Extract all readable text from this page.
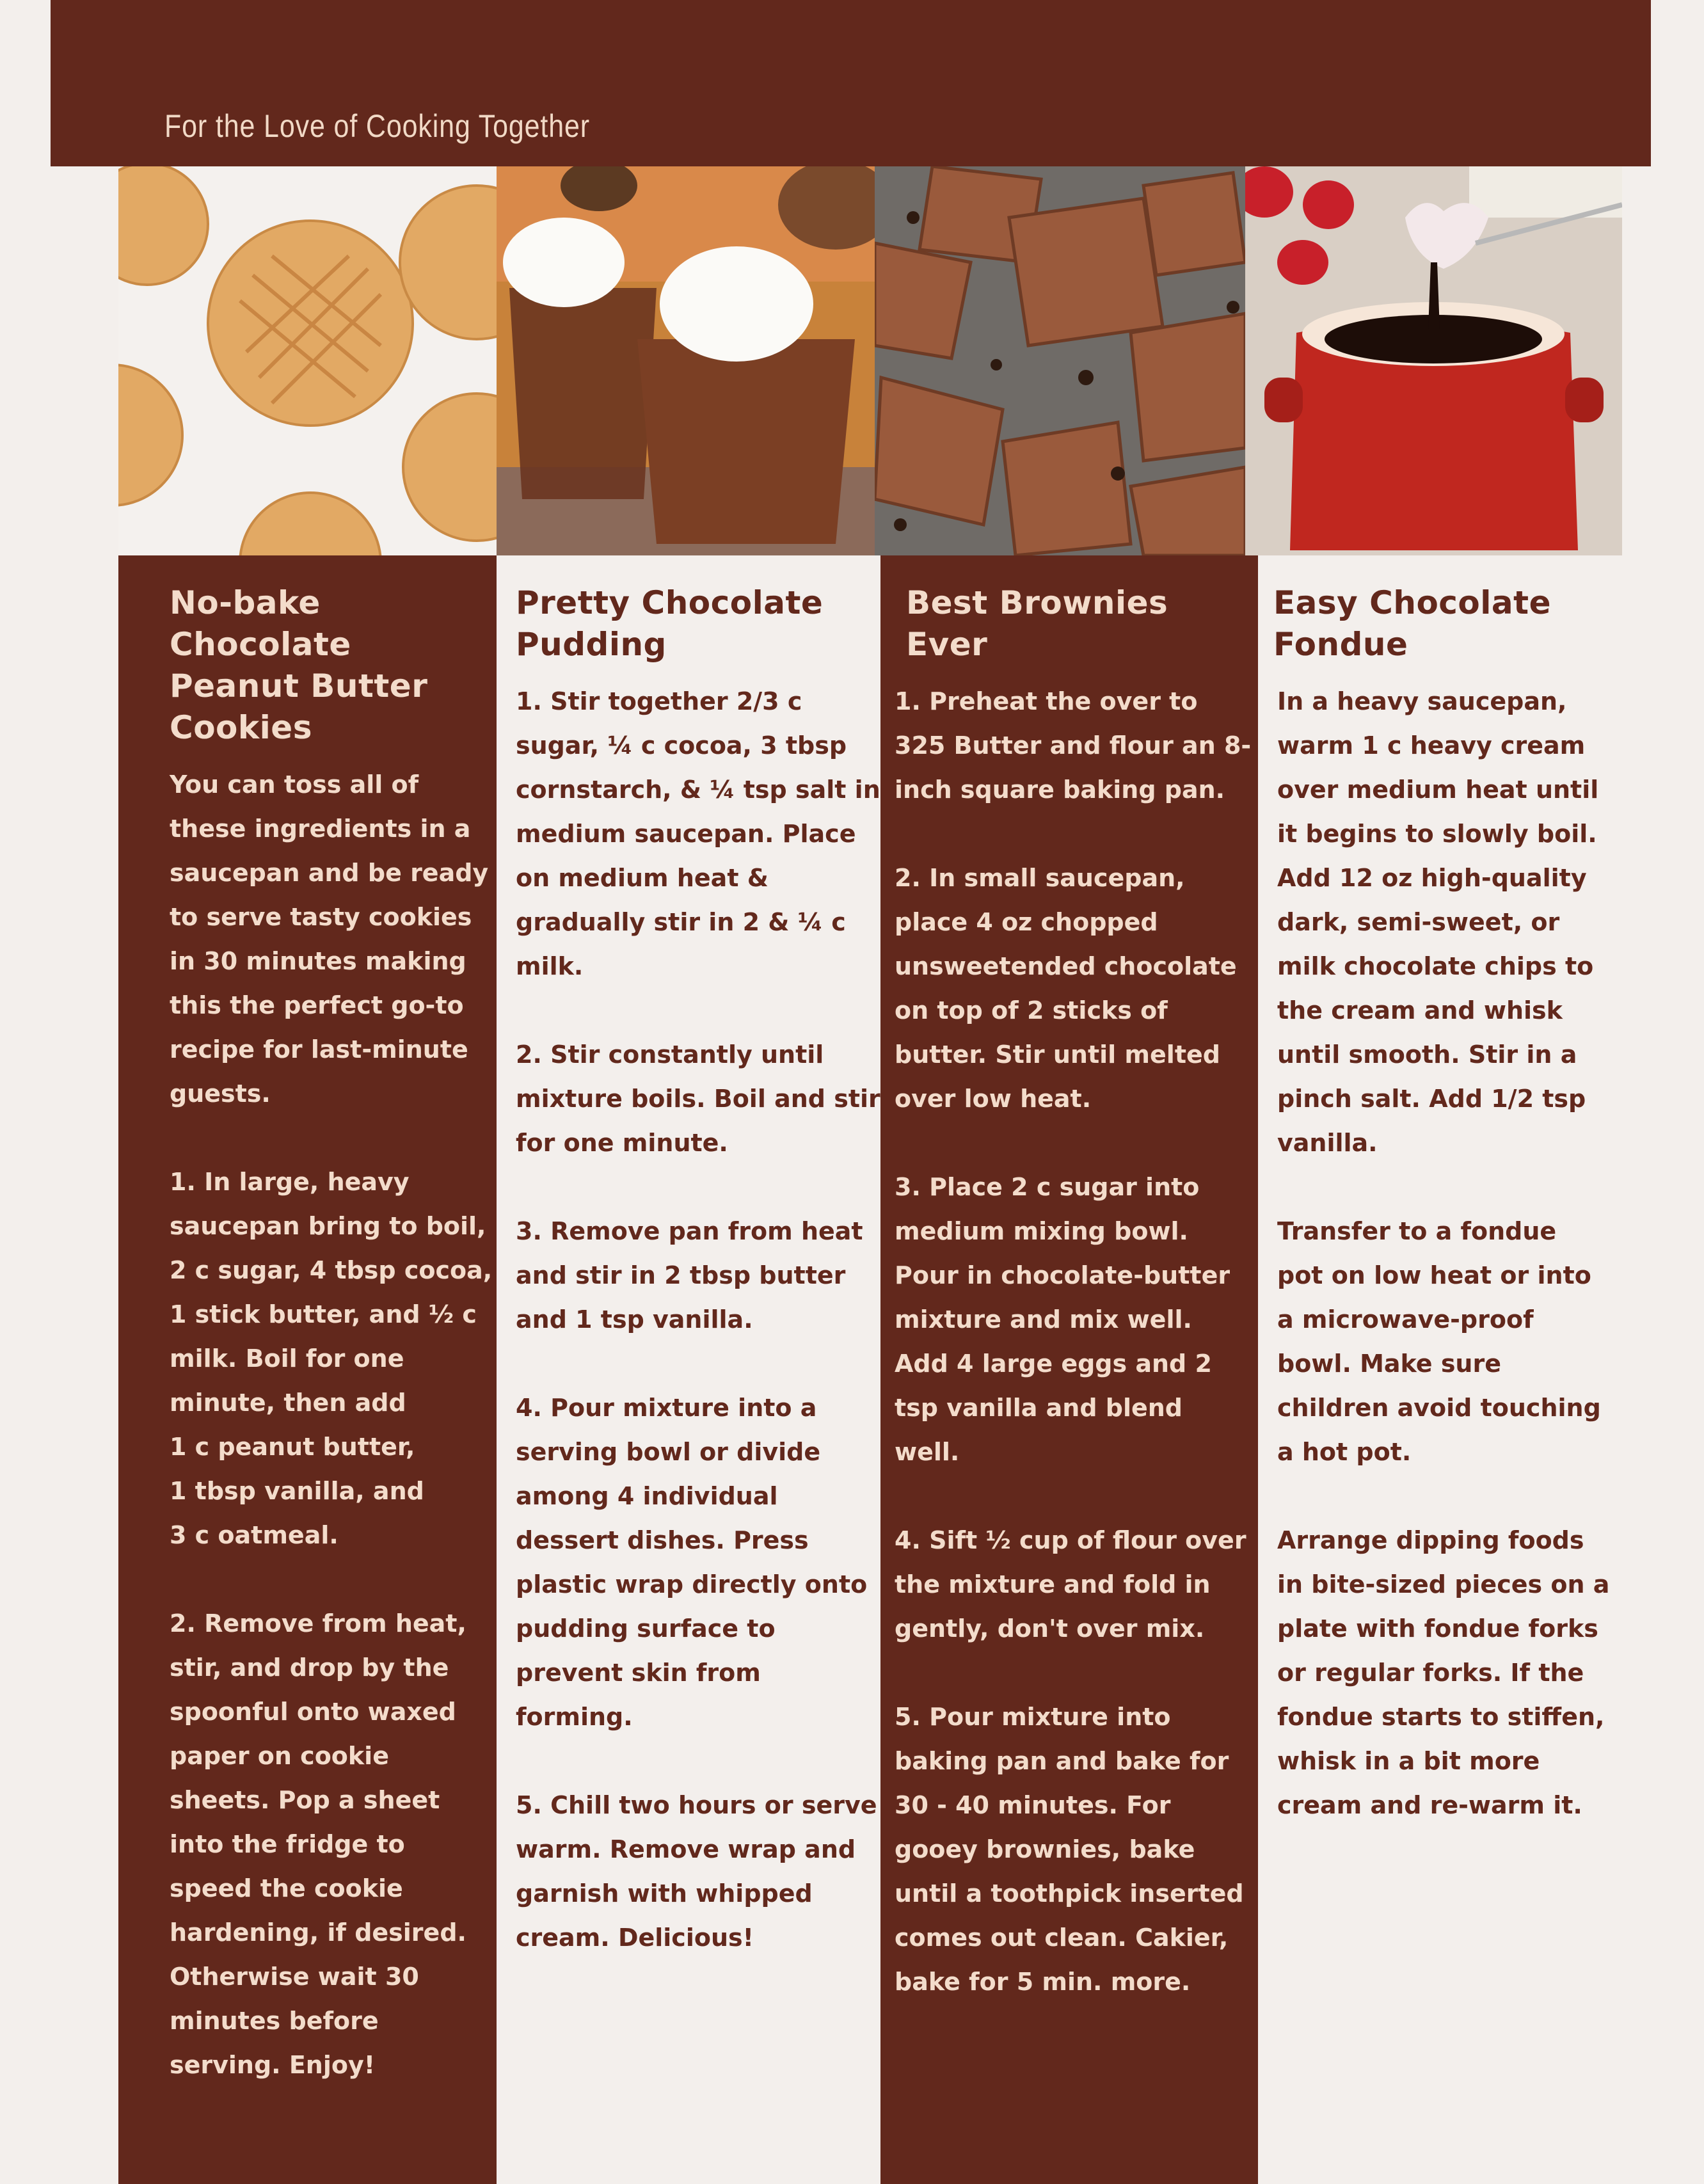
For the Love of Cooking Together
No-bake Chocolate Peanut Butter Cookies
You can toss all of these ingredients in a saucepan and be ready to serve tasty cookies in 30 minutes making this the perfect go-to recipe for last-minute guests.

1. In large, heavy saucepan bring to boil, 2 c sugar, 4 tbsp cocoa, 1 stick butter, and ½ c milk. Boil for one minute, then add
1 c peanut butter,
1 tbsp vanilla, and
3 c oatmeal.

2. Remove from heat, stir, and drop by the spoonful onto waxed paper on cookie sheets. Pop a sheet into the fridge to speed the cookie hardening, if desired. Otherwise wait 30 minutes before serving. Enjoy!
Pretty Chocolate Pudding
1. Stir together 2/3 c sugar, ¼ c cocoa, 3 tbsp cornstarch, & ¼ tsp salt in medium saucepan. Place on medium heat & gradually stir in 2 & ¼ c milk.

2. Stir constantly until mixture boils. Boil and stir for one minute.

3. Remove pan from heat and stir in 2 tbsp butter and 1 tsp vanilla.

4. Pour mixture into a serving bowl or divide among 4 individual dessert dishes. Press plastic wrap directly onto pudding surface to prevent skin from forming.

5. Chill two hours or serve warm. Remove wrap and garnish with whipped cream. Delicious!
Best Brownies Ever
1. Preheat the over to 325 Butter and flour an 8-inch square baking pan.

2. In small saucepan, place 4 oz chopped unsweetended chocolate on top of 2 sticks of butter. Stir until melted over low heat.

3. Place 2 c sugar into medium mixing bowl. Pour in chocolate-butter mixture and mix well. Add 4 large eggs and 2 tsp vanilla and blend well.

4. Sift ½ cup of flour over the mixture and fold in gently, don't over mix.

5. Pour mixture into baking pan and bake for 30 - 40 minutes. For gooey brownies, bake until a toothpick inserted comes out clean. Cakier, bake for 5 min. more.
Easy Chocolate Fondue
In a heavy saucepan, warm 1 c heavy cream over medium heat until it begins to slowly boil. Add 12 oz high-quality dark, semi-sweet, or milk chocolate chips to the cream and whisk until smooth. Stir in a pinch salt. Add 1/2 tsp vanilla.

Transfer to a fondue pot on low heat or into a microwave-proof bowl. Make sure children avoid touching a hot pot.

Arrange dipping foods in bite-sized pieces on a plate with fondue forks or regular forks. If the fondue starts to stiffen, whisk in a bit more cream and re-warm it.
